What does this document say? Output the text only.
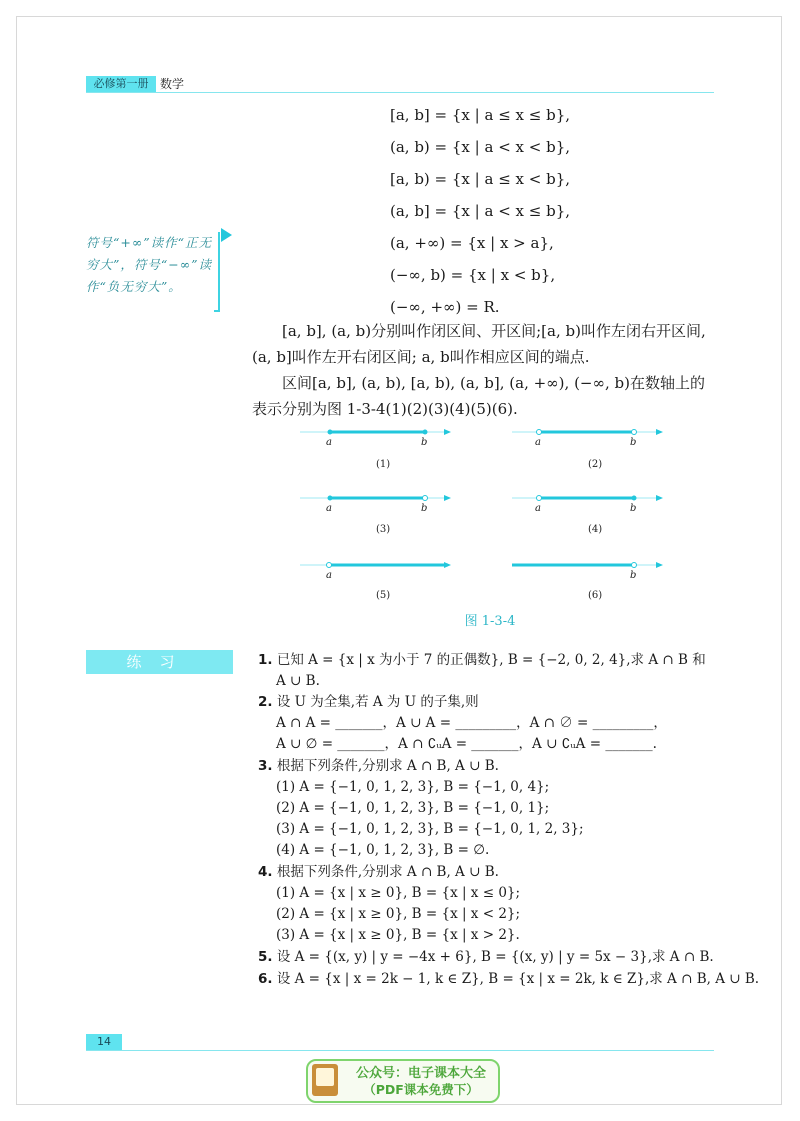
必修第一册 数学
[a, b] = {x | a ≤ x ≤ b},
(a, b) = {x | a < x < b},
[a, b) = {x | a ≤ x < b},
(a, b] = {x | a < x ≤ b},
(a, +∞) = {x | x > a},
(−∞, b) = {x | x < b},
(−∞, +∞) = R.
符号“+∞”读作“正无穷大”，符号“−∞”读作“负无穷大”。
[a, b], (a, b)分别叫作闭区间、开区间;[a, b)叫作左闭右开区间,(a, b]叫作左开右闭区间; a, b叫作相应区间的端点.
区间[a, b], (a, b), [a, b), (a, b], (a, +∞), (−∞, b)在数轴上的表示分别为图 1-3-4(1)(2)(3)(4)(5)(6).
a	b
(1)
a	b
(2)
a	b
(3)
a	b
(4)
a
(5)
b
(6)
图 1-3-4
练习	1. 已知 A = {x | x 为小于 7 的正偶数}, B = {−2, 0, 2, 4},求 A ∩ B 和
A ∪ B.
2. 设 U 为全集,若 A 为 U 的子集,则
A ∩ A = _______，A ∪ A = _________，A ∩ ∅ = _________，
A ∪ ∅ = _______，A ∩ ∁ᵤA = _______，A ∪ ∁ᵤA = _______.
3. 根据下列条件,分别求 A ∩ B, A ∪ B.
(1) A = {−1, 0, 1, 2, 3}, B = {−1, 0, 4};
(2) A = {−1, 0, 1, 2, 3}, B = {−1, 0, 1};
(3) A = {−1, 0, 1, 2, 3}, B = {−1, 0, 1, 2, 3};
(4) A = {−1, 0, 1, 2, 3}, B = ∅.
4. 根据下列条件,分别求 A ∩ B, A ∪ B.
(1) A = {x | x ≥ 0}, B = {x | x ≤ 0};
(2) A = {x | x ≥ 0}, B = {x | x < 2};
(3) A = {x | x ≥ 0}, B = {x | x > 2}.
5. 设 A = {(x, y) | y = −4x + 6}, B = {(x, y) | y = 5x − 3},求 A ∩ B.
6. 设 A = {x | x = 2k − 1, k ∈ Z}, B = {x | x = 2k, k ∈ Z},求 A ∩ B, A ∪ B.
14
公众号：电子课本大全
（PDF课本免费下）
